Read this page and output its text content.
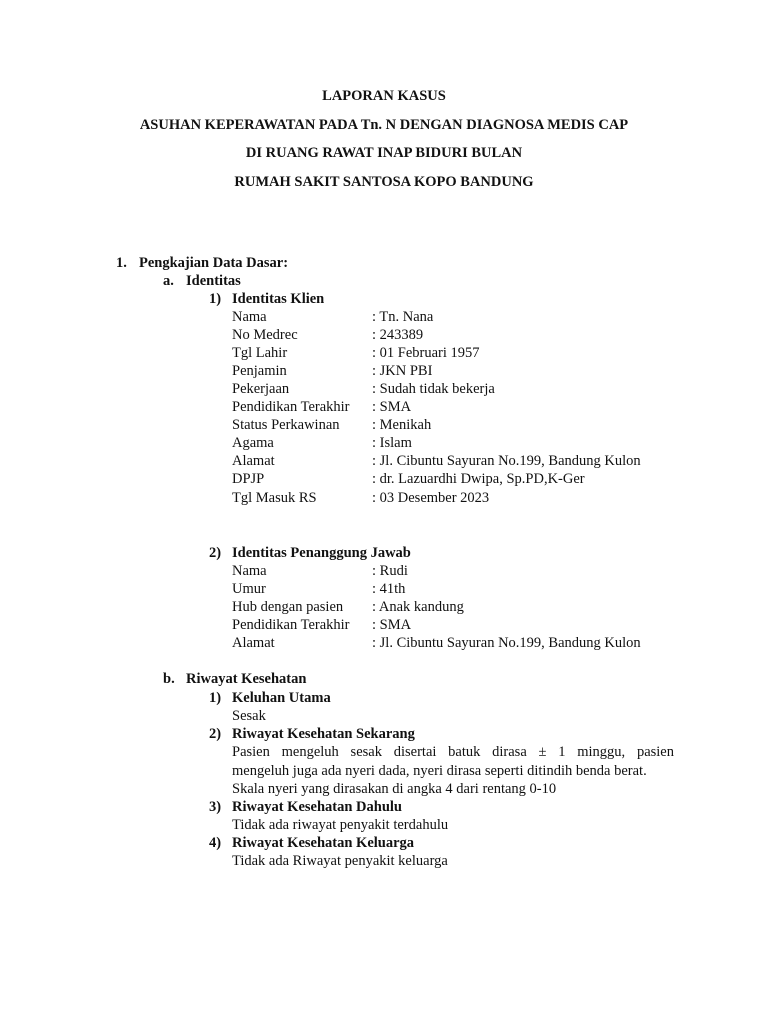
LAPORAN KASUS
ASUHAN KEPERAWATAN PADA Tn. N DENGAN DIAGNOSA MEDIS CAP
DI RUANG RAWAT INAP BIDURI BULAN
RUMAH SAKIT SANTOSA KOPO BANDUNG
1. Pengkajian Data Dasar:
a. Identitas
1) Identitas Klien
Nama	: Tn. Nana
No Medrec	: 243389
Tgl Lahir	: 01 Februari 1957
Penjamin	: JKN PBI
Pekerjaan	: Sudah tidak bekerja
Pendidikan Terakhir : SMA
Status Perkawinan : Menikah
Agama	: Islam
Alamat	: Jl. Cibuntu Sayuran No.199, Bandung Kulon
DPJP	: dr. Lazuardhi Dwipa, Sp.PD,K-Ger
Tgl Masuk RS	: 03 Desember 2023
2) Identitas Penanggung Jawab
Nama	: Rudi
Umur	: 41th
Hub dengan pasien : Anak kandung
Pendidikan Terakhir : SMA
Alamat	: Jl. Cibuntu Sayuran No.199, Bandung Kulon
b. Riwayat Kesehatan
1) Keluhan Utama
Sesak
2) Riwayat Kesehatan Sekarang
Pasien mengeluh sesak disertai batuk dirasa ± 1 minggu, pasien
mengeluh juga ada nyeri dada, nyeri dirasa seperti ditindih benda berat.
Skala nyeri yang dirasakan di angka 4 dari rentang 0-10
3) Riwayat Kesehatan Dahulu
Tidak ada riwayat penyakit terdahulu
4) Riwayat Kesehatan Keluarga
Tidak ada Riwayat penyakit keluarga
